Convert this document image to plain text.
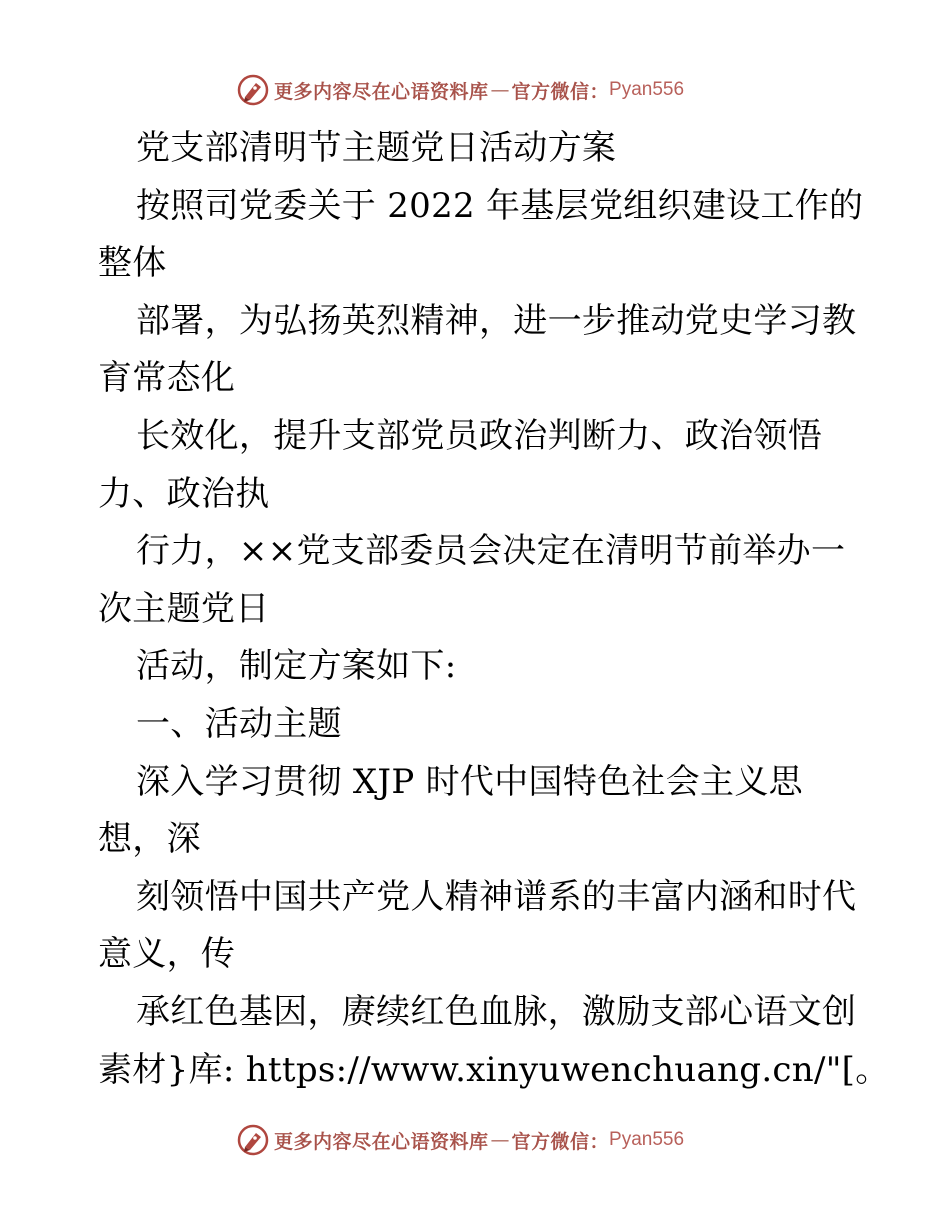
更多内容尽在心语资料库 — 官方微信： Pyan556
党支部清明节主题党日活动方案
按照司党委关于 2022 年基层党组织建设工作的
整体
部署，为弘扬英烈精神，进一步推动党史学习教
育常态化
长效化，提升支部党员政治判断力、政治领悟
力、政治执
行力，××党支部委员会决定在清明节前举办一
次主题党日
活动，制定方案如下:
一、活动主题
深入学习贯彻 XJP 时代中国特色社会主义思
想，深
刻领悟中国共产党人精神谱系的丰富内涵和时代
意义，传
承红色基因，赓续红色血脉，激励支部心语文创
素材}库: https://www.xinyuwenchuang.cn/"[。
更多内容尽在心语资料库 — 官方微信： Pyan556
